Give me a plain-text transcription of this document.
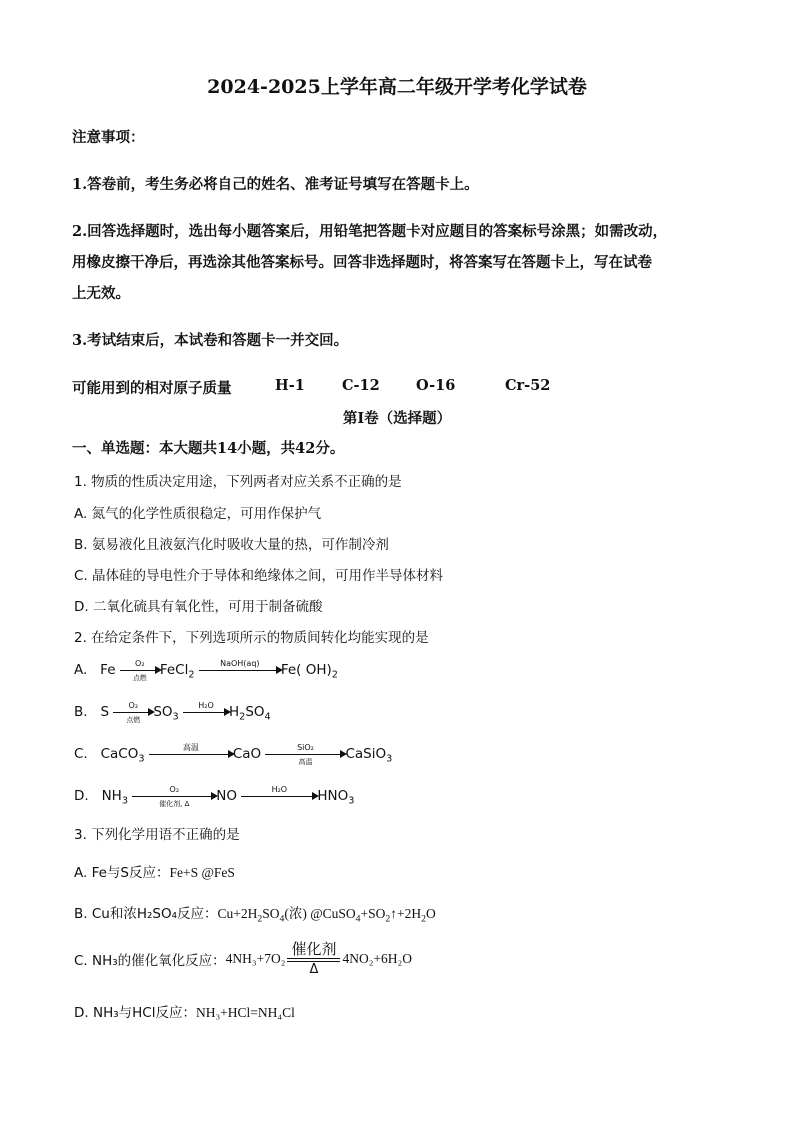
2024-2025上学年高二年级开学考化学试卷
注意事项：
1.答卷前，考生务必将自己的姓名、准考证号填写在答题卡上。
2.回答选择题时，选出每小题答案后，用铅笔把答题卡对应题目的答案标号涂黑；如需改动，
用橡皮擦干净后，再选涂其他答案标号。回答非选择题时，将答案写在答题卡上，写在试卷
上无效。
3.考试结束后，本试卷和答题卡一并交回。
可能用到的相对原子质量	H-1	C-12	O-16	Cr-52
第I卷（选择题）
一、单选题：本大题共14小题，共42分。
1. 物质的性质决定用途，下列两者对应关系不正确的是
A. 氮气的化学性质很稳定，可用作保护气
B. 氨易液化且液氨汽化时吸收大量的热，可作制冷剂
C. 晶体硅的导电性介于导体和绝缘体之间，可用作半导体材料
D. 二氧化硫具有氧化性，可用于制备硫酸
2. 在给定条件下，下列选项所示的物质间转化均能实现的是
A. Fe	O₂
点燃 FeCl$_2$
NaOH(aq)	Fe( $OH)_2$
B. S	O₂
点燃 $SO_3$
H₂O	$H_2SO_4$
C. CaCO$_3$
高温	CaO	SiO₂
高温	CaSiO$_3$
D. $NH_3$
O₂
催化剂, Δ	NO	H₂O	$HNO_3$
3. 下列化学用语不正确的是
A. Fe与S反应：Fe+S @FeS
B. Cu和浓H₂SO₄反应：$Cu+2H_2SO_4$(浓) $@CuSO_4+SO_2↑+2H_2O$
C. NH₃的催化氧化反应：$4NH_3+7O_2 \frac{\text{催化剂}}{\Delta} 4NO_2+6H_2O$
D. NH₃与HCl反应：NH₃+HCl=NH₄Cl
